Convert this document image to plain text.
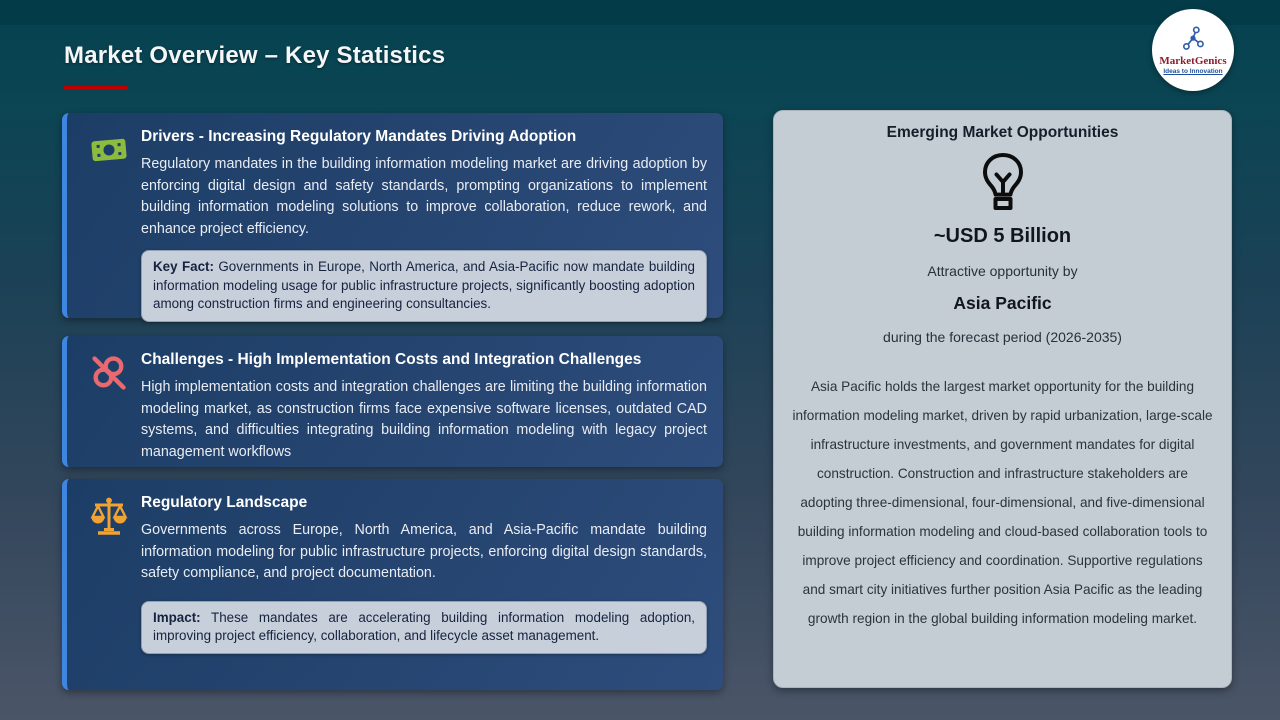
Market Overview – Key Statistics	MarketGenics
Ideas to Innovation
Drivers - Increasing Regulatory Mandates Driving Adoption

Regulatory mandates in the building information modeling market are driving adoption by enforcing digital design and safety standards, prompting organizations to implement building information modeling solutions to improve collaboration, reduce rework, and enhance project efficiency.

Key Fact: Governments in Europe, North America, and Asia-Pacific now mandate building information modeling usage for public infrastructure projects, significantly boosting adoption among construction firms and engineering consultancies.
Challenges - High Implementation Costs and Integration Challenges

High implementation costs and integration challenges are limiting the building information modeling market, as construction firms face expensive software licenses, outdated CAD systems, and difficulties integrating building information modeling with legacy project management workflows

Regulatory Landscape

Governments across Europe, North America, and Asia-Pacific mandate building information modeling for public infrastructure projects, enforcing digital design standards, safety compliance, and project documentation.

Impact: These mandates are accelerating building information modeling adoption, improving project efficiency, collaboration, and lifecycle asset management.
Emerging Market Opportunities
~USD 5 Billion
Attractive opportunity by
Asia Pacific
during the forecast period (2026-2035)

Asia Pacific holds the largest market opportunity for the building information modeling market, driven by rapid urbanization, large-scale infrastructure investments, and government mandates for digital construction. Construction and infrastructure stakeholders are adopting three-dimensional, four-dimensional, and five-dimensional building information modeling and cloud-based collaboration tools to improve project efficiency and coordination. Supportive regulations and smart city initiatives further position Asia Pacific as the leading growth region in the global building information modeling market.
